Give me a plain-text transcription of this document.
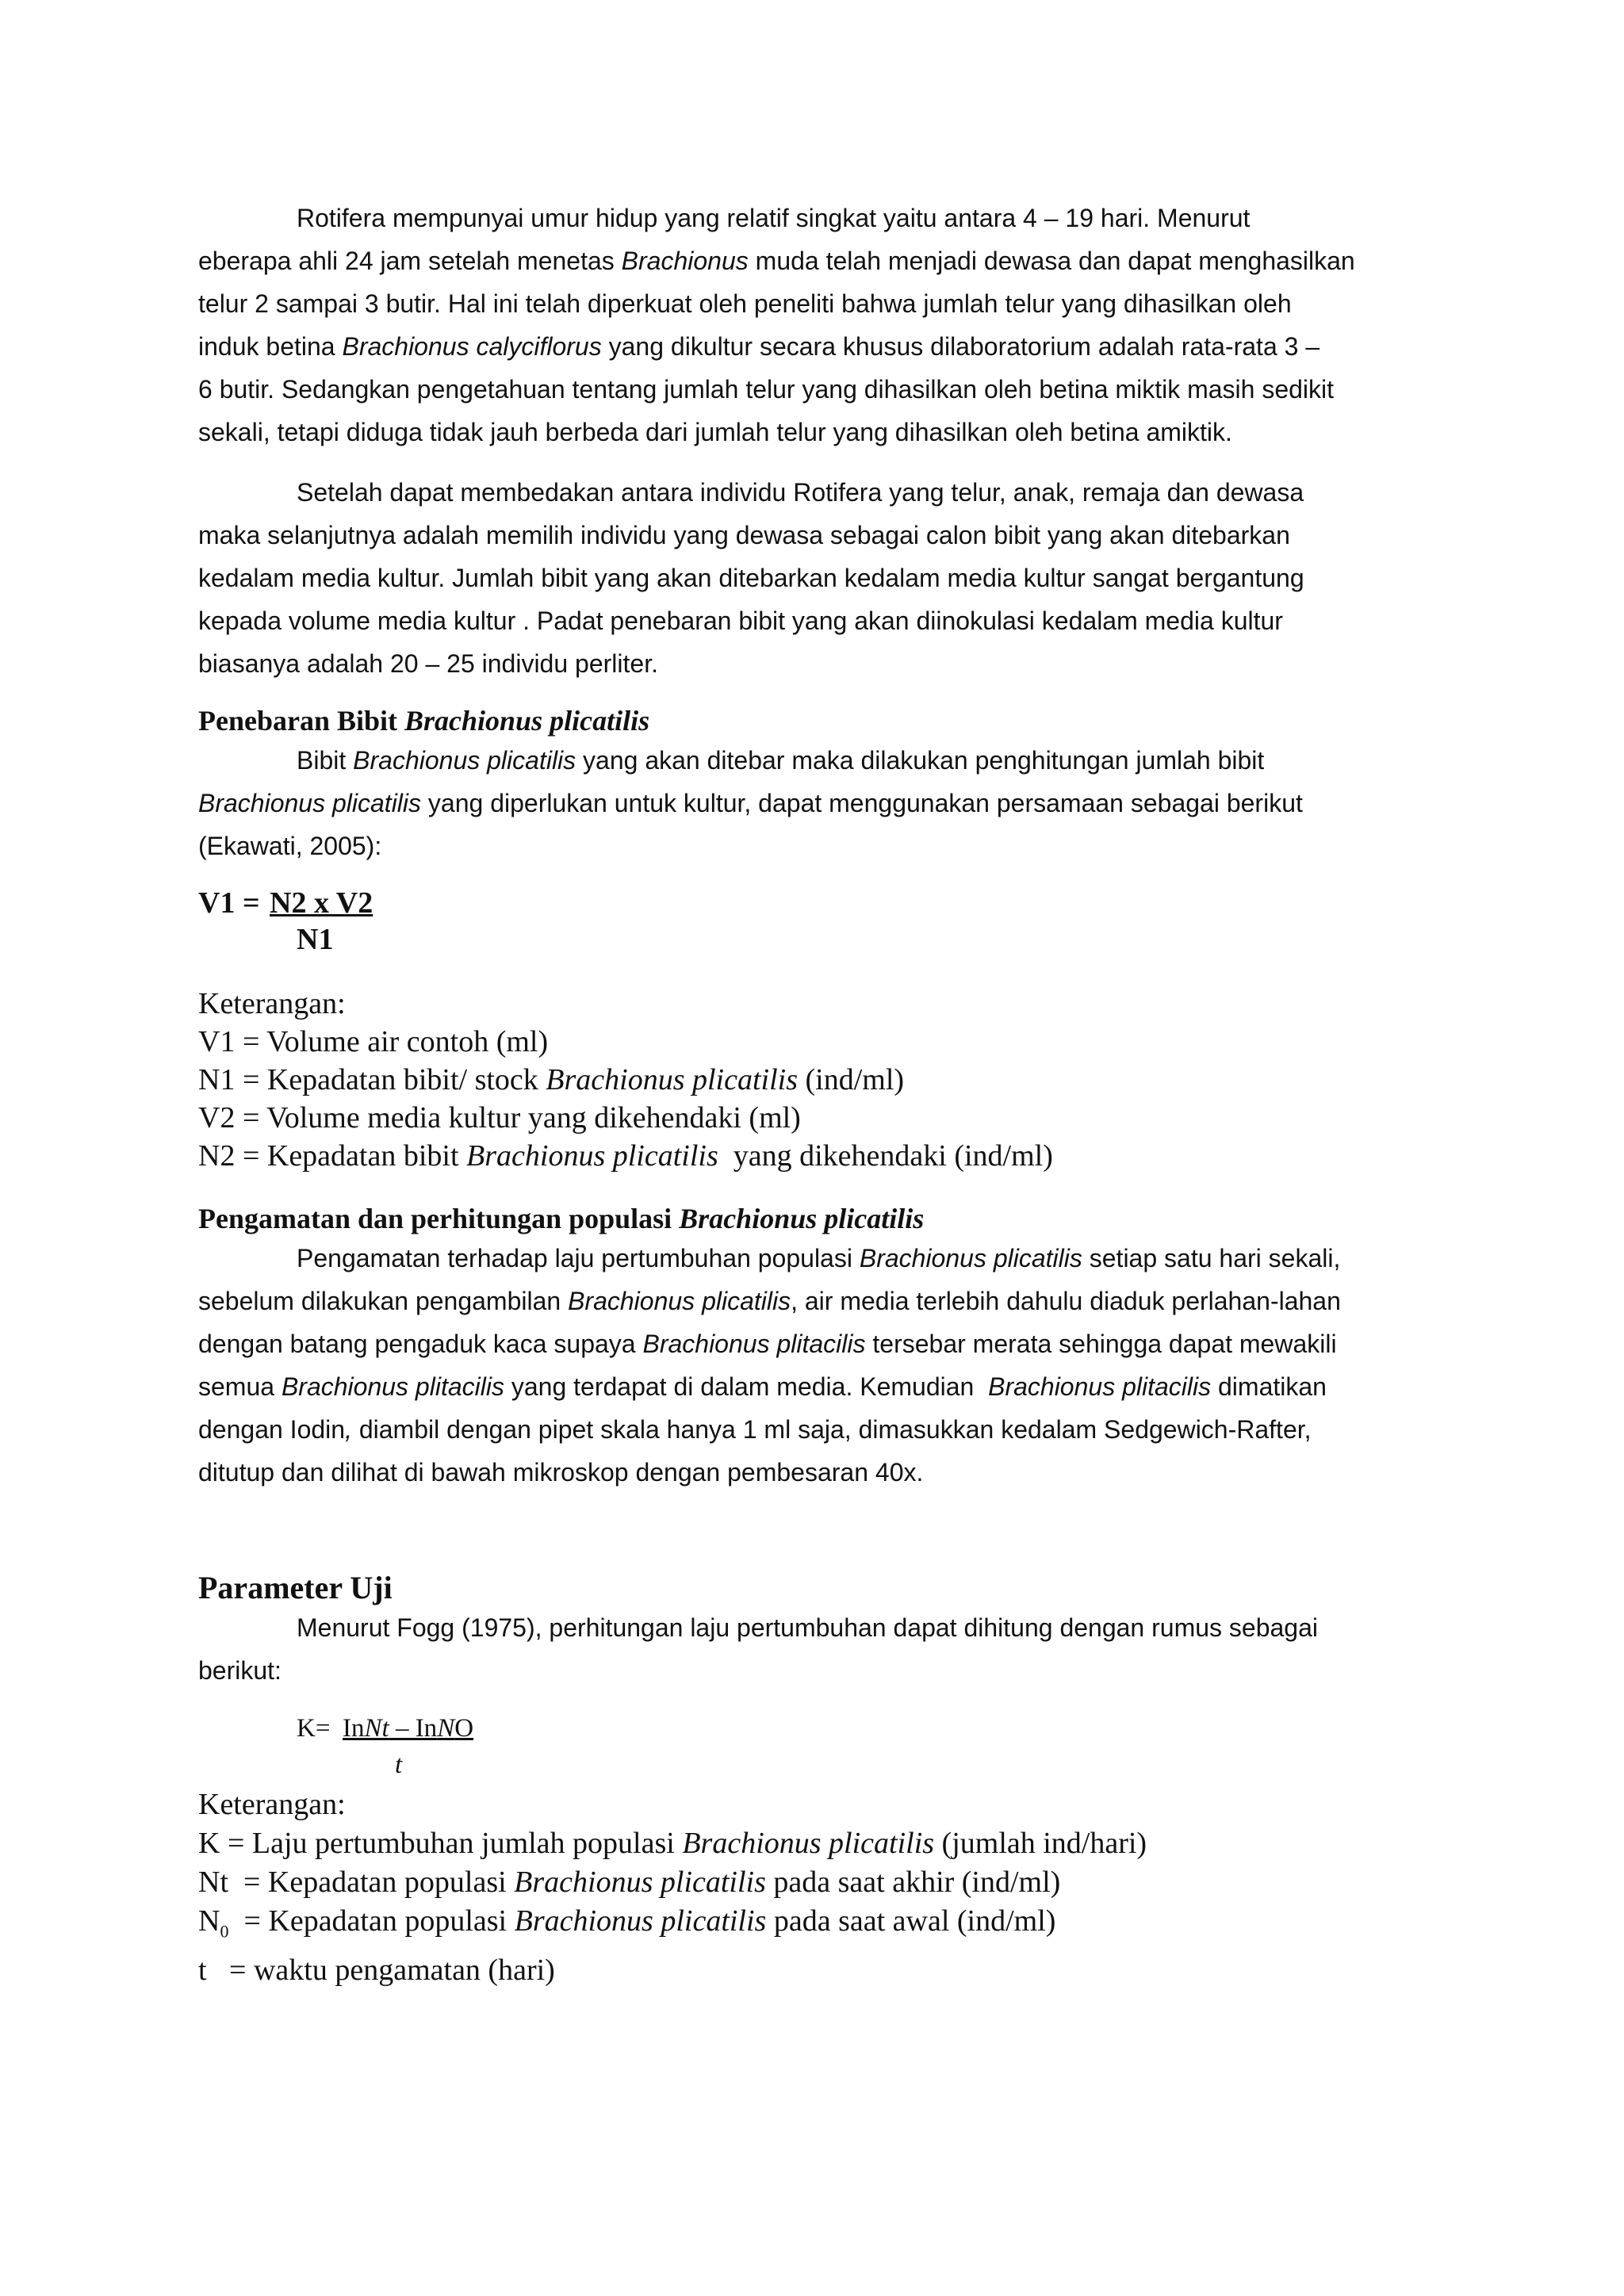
Rotifera mempunyai umur hidup yang relatif singkat yaitu antara 4 – 19 hari. Menurut
eberapa ahli 24 jam setelah menetas Brachionus muda telah menjadi dewasa dan dapat menghasilkan
telur 2 sampai 3 butir. Hal ini telah diperkuat oleh peneliti bahwa jumlah telur yang dihasilkan oleh
induk betina Brachionus calyciflorus yang dikultur secara khusus dilaboratorium adalah rata-rata 3 –
6 butir. Sedangkan pengetahuan tentang jumlah telur yang dihasilkan oleh betina miktik masih sedikit
sekali, tetapi diduga tidak jauh berbeda dari jumlah telur yang dihasilkan oleh betina amiktik.
Setelah dapat membedakan antara individu Rotifera yang telur, anak, remaja dan dewasa
maka selanjutnya adalah memilih individu yang dewasa sebagai calon bibit yang akan ditebarkan
kedalam media kultur. Jumlah bibit yang akan ditebarkan kedalam media kultur sangat bergantung
kepada volume media kultur . Padat penebaran bibit yang akan diinokulasi kedalam media kultur
biasanya adalah 20 – 25 individu perliter.
Penebaran Bibit Brachionus plicatilis
Bibit Brachionus plicatilis yang akan ditebar maka dilakukan penghitungan jumlah bibit
Brachionus plicatilis yang diperlukan untuk kultur, dapat menggunakan persamaan sebagai berikut
(Ekawati, 2005):
V1 = N2 x V2
N1
Keterangan:
V1 = Volume air contoh (ml)
N1 = Kepadatan bibit/ stock Brachionus plicatilis (ind/ml)
V2 = Volume media kultur yang dikehendaki (ml)
N2 = Kepadatan bibit Brachionus plicatilis  yang dikehendaki (ind/ml)
Pengamatan dan perhitungan populasi Brachionus plicatilis
Pengamatan terhadap laju pertumbuhan populasi Brachionus plicatilis setiap satu hari sekali,
sebelum dilakukan pengambilan Brachionus plicatilis, air media terlebih dahulu diaduk perlahan-lahan
dengan batang pengaduk kaca supaya Brachionus plitacilis tersebar merata sehingga dapat mewakili
semua Brachionus plitacilis yang terdapat di dalam media. Kemudian  Brachionus plitacilis dimatikan
dengan Iodin, diambil dengan pipet skala hanya 1 ml saja, dimasukkan kedalam Sedgewich-Rafter,
ditutup dan dilihat di bawah mikroskop dengan pembesaran 40x.
Parameter Uji
Menurut Fogg (1975), perhitungan laju pertumbuhan dapat dihitung dengan rumus sebagai
berikut:
K= InNt – InNO
t
Keterangan:
K = Laju pertumbuhan jumlah populasi Brachionus plicatilis (jumlah ind/hari)
Nt  = Kepadatan populasi Brachionus plicatilis pada saat akhir (ind/ml)
$N_0$  = Kepadatan populasi Brachionus plicatilis pada saat awal (ind/ml)
t   = waktu pengamatan (hari)
